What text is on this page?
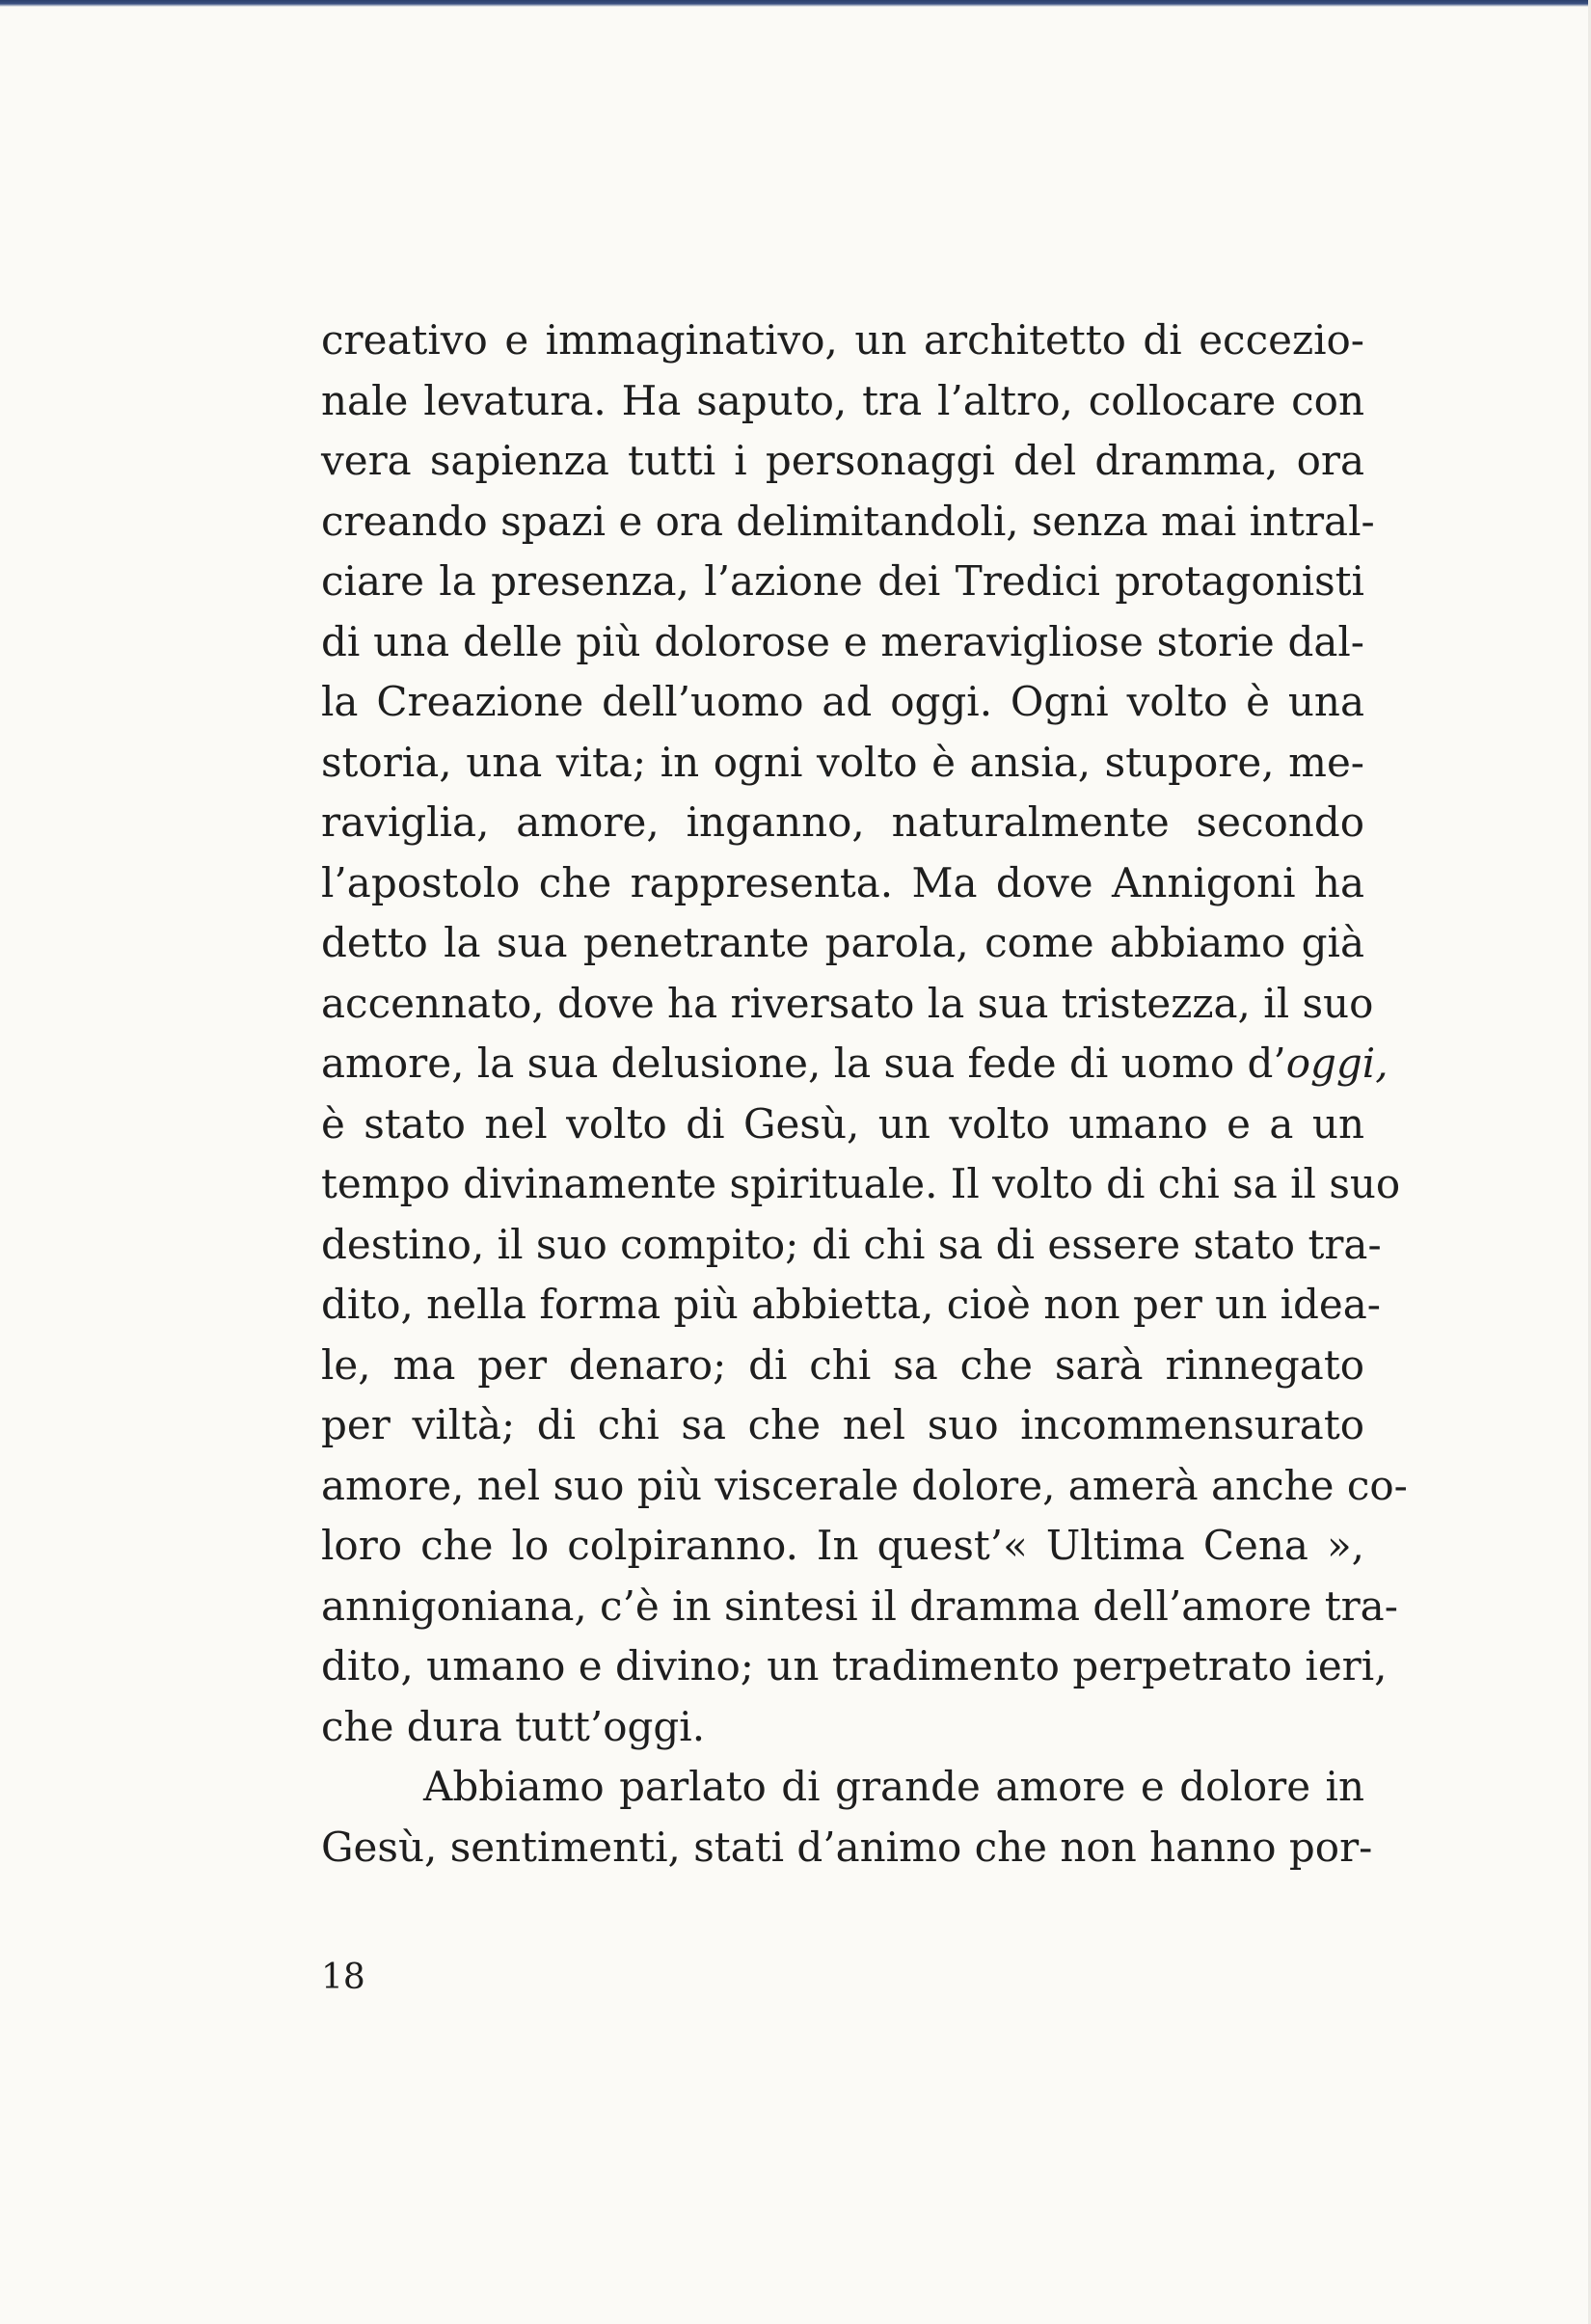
creativo e immaginativo, un architetto di eccezio-
nale levatura. Ha saputo, tra l’altro, collocare con
vera sapienza tutti i personaggi del dramma, ora
creando spazi e ora delimitandoli, senza mai intral-
ciare la presenza, l’azione dei Tredici protagonisti
di una delle più dolorose e meravigliose storie dal-
la Creazione dell’uomo ad oggi. Ogni volto è una
storia, una vita; in ogni volto è ansia, stupore, me-
raviglia, amore, inganno, naturalmente secondo
l’apostolo che rappresenta. Ma dove Annigoni ha
detto la sua penetrante parola, come abbiamo già
accennato, dove ha riversato la sua tristezza, il suo
amore, la sua delusione, la sua fede di uomo d’oggi,
è stato nel volto di Gesù, un volto umano e a un
tempo divinamente spirituale. Il volto di chi sa il suo
destino, il suo compito; di chi sa di essere stato tra-
dito, nella forma più abbietta, cioè non per un idea-
le, ma per denaro; di chi sa che sarà rinnegato
per viltà; di chi sa che nel suo incommensurato
amore, nel suo più viscerale dolore, amerà anche co-
loro che lo colpiranno. In quest’« Ultima Cena »,
annigoniana, c’è in sintesi il dramma dell’amore tra-
dito, umano e divino; un tradimento perpetrato ieri,
che dura tutt’oggi.
Abbiamo parlato di grande amore e dolore in
Gesù, sentimenti, stati d’animo che non hanno por-
18
